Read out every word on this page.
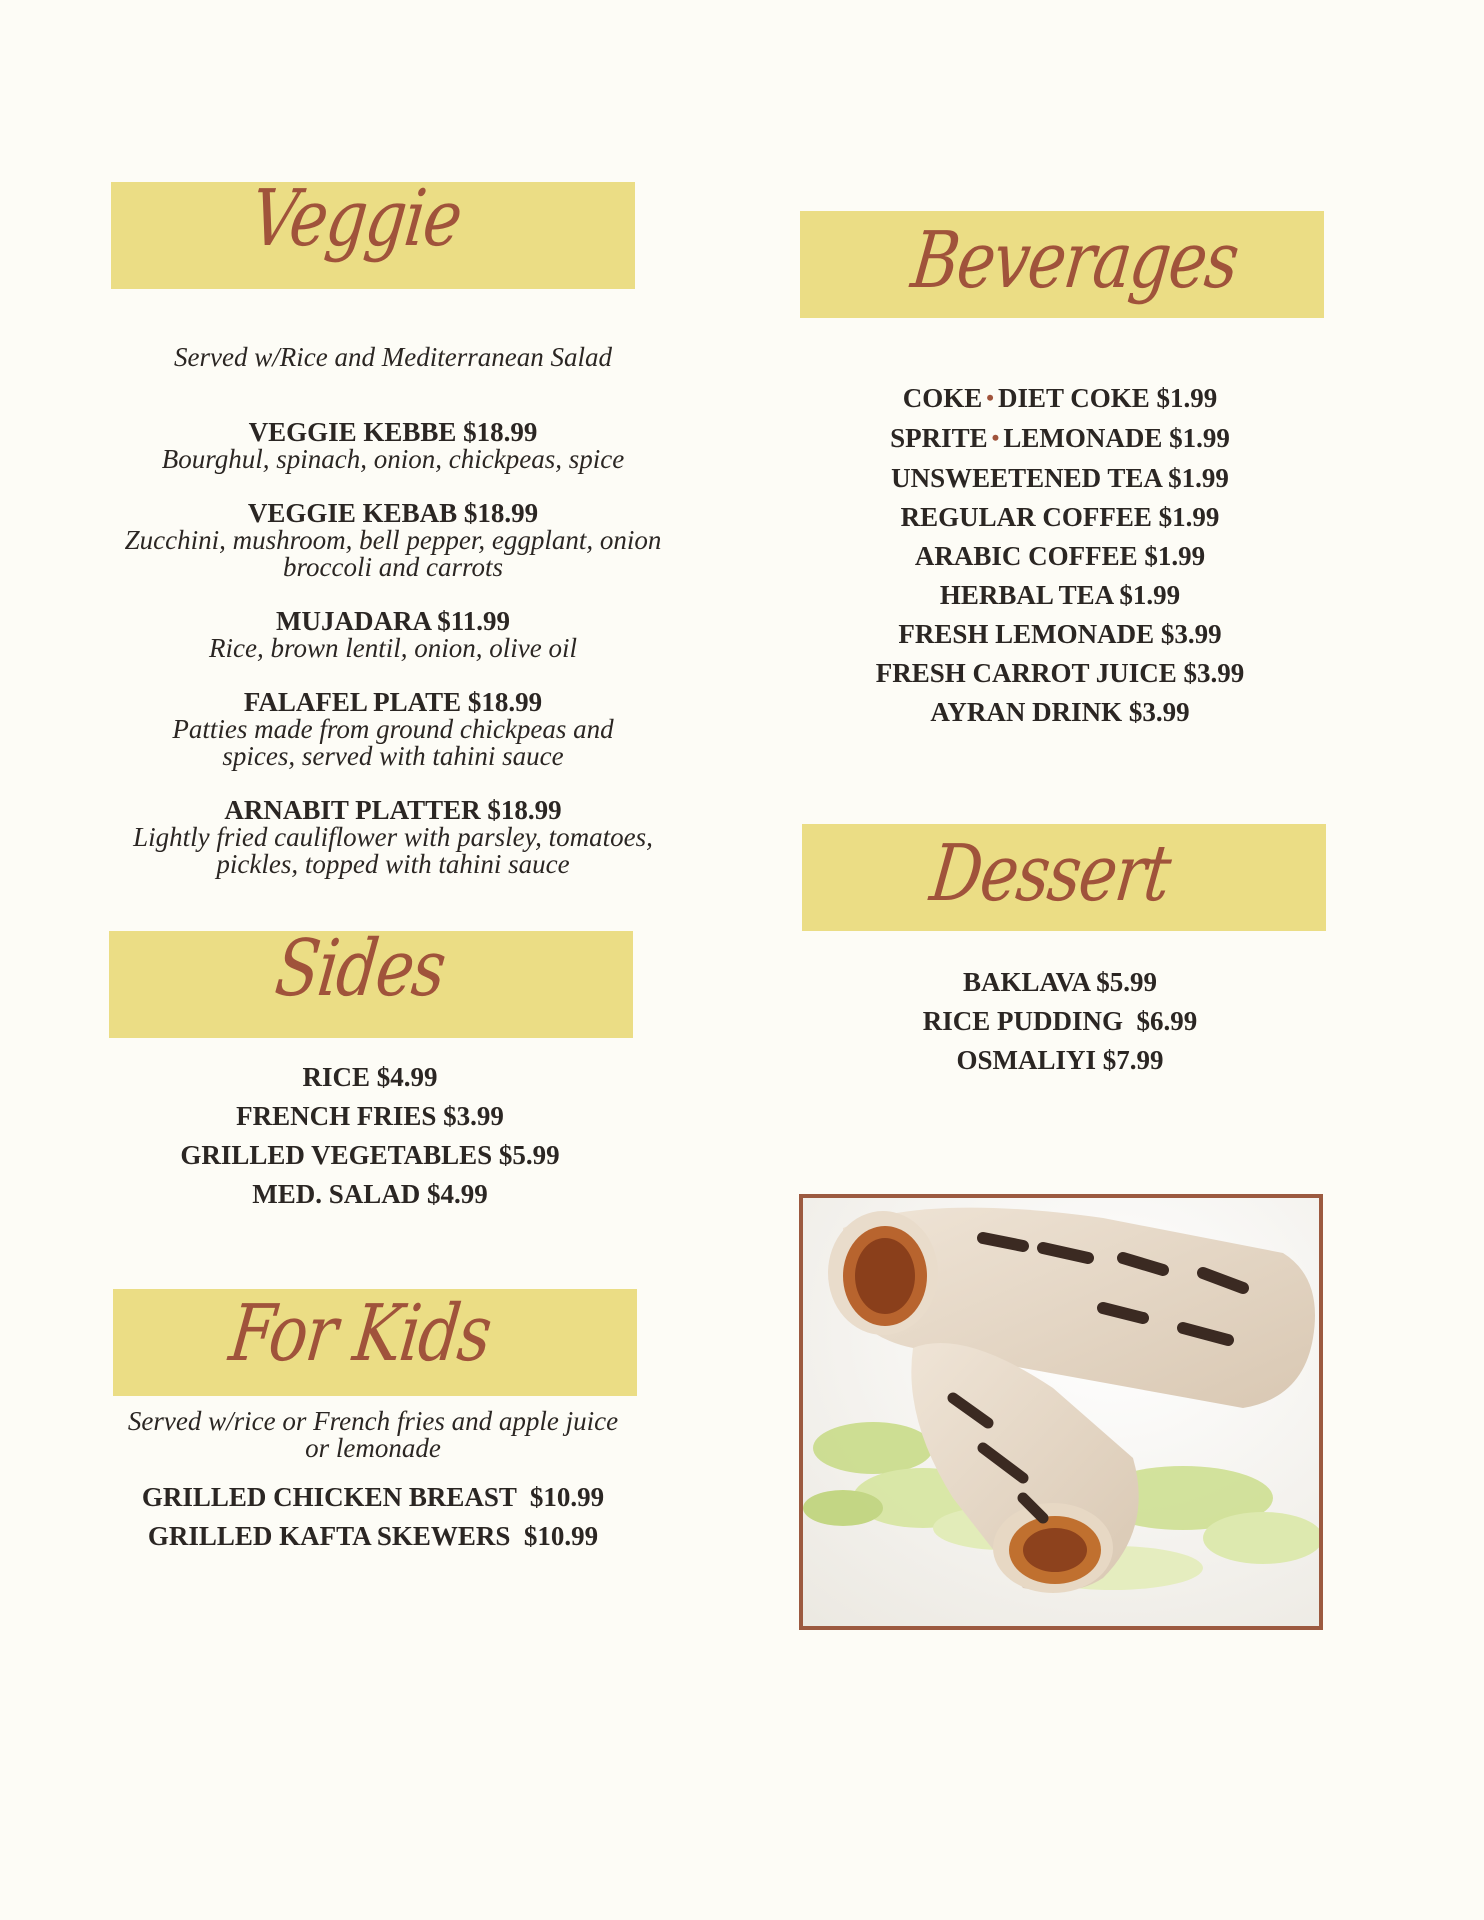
Veggie
Served w/Rice and Mediterranean Salad
VEGGIE KEBBE $18.99
Bourghul, spinach, onion, chickpeas, spice
VEGGIE KEBAB $18.99
Zucchini, mushroom, bell pepper, eggplant, onion
broccoli and carrots
MUJADARA $11.99
Rice, brown lentil, onion, olive oil
FALAFEL PLATE $18.99
Patties made from ground chickpeas and
spices, served with tahini sauce
ARNABIT PLATTER $18.99
Lightly fried cauliflower with parsley, tomatoes,
pickles, topped with tahini sauce
Sides
RICE $4.99
FRENCH FRIES $3.99
GRILLED VEGETABLES $5.99
MED. SALAD $4.99
For Kids
Served w/rice or French fries and apple juice
or lemonade
GRILLED CHICKEN BREAST  $10.99
GRILLED KAFTA SKEWERS  $10.99
Beverages
COKE • DIET COKE $1.99
SPRITE • LEMONADE $1.99
UNSWEETENED TEA $1.99
REGULAR COFFEE $1.99
ARABIC COFFEE $1.99
HERBAL TEA $1.99
FRESH LEMONADE $3.99
FRESH CARROT JUICE $3.99
AYRAN DRINK $3.99
Dessert
BAKLAVA $5.99
RICE PUDDING  $6.99
OSMALIYI $7.99
